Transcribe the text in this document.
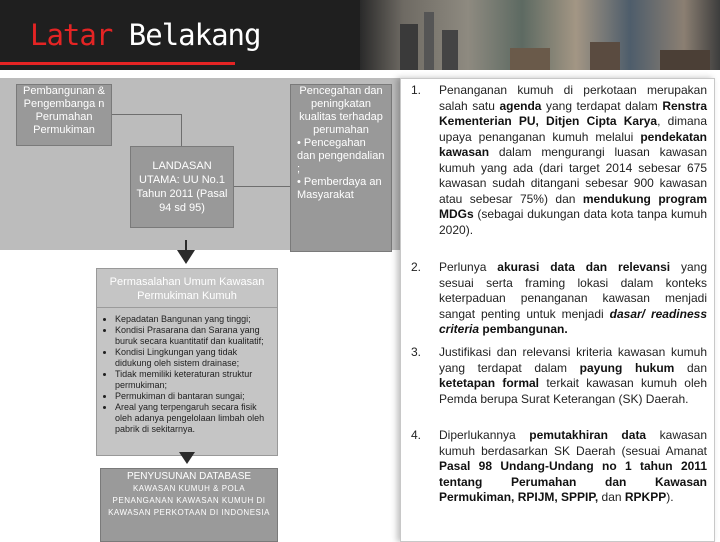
Latar Belakang
Pembangunan & Pengembanga n Perumahan Permukiman
LANDASAN UTAMA: UU No.1 Tahun 2011 (Pasal 94 sd 95)
Pencegahan dan peningkatan kualitas terhadap perumahan
• Pencegahan dan pengendalian ;
• Pemberdaya an Masyarakat
Permasalahan Umum Kawasan Permukiman Kumuh
• Kepadatan Bangunan yang tinggi;
• Kondisi Prasarana dan Sarana yang buruk secara kuantitatif dan kualitatif;
• Kondisi Lingkungan yang tidak didukung oleh sistem drainase;
• Tidak memiliki keteraturan struktur permukiman;
• Permukiman di bantaran sungai;
• Areal yang terpengaruh secara fisik oleh adanya pengelolaan limbah oleh pabrik di sekitarnya.
PENYUSUNAN DATABASE
KAWASAN KUMUH & POLA PENANGANAN KAWASAN KUMUH DI KAWASAN PERKOTAAN DI INDONESIA
1.	Penanganan kumuh di perkotaan merupakan salah satu agenda yang terdapat dalam Renstra Kementerian PU, Ditjen Cipta Karya, dimana upaya penanganan kumuh melalui pendekatan kawasan dalam mengurangi luasan kawasan kumuh yang ada (dari target 2014 sebesar 675 kawasan sudah ditangani sebesar 900 kawasan atau sebesar 75%) dan mendukung program MDGs (sebagai dukungan data kota tanpa kumuh 2020).
2.	Perlunya akurasi data dan relevansi yang sesuai serta framing lokasi dalam konteks keterpaduan penanganan kawasan menjadi sangat penting untuk menjadi dasar/ readiness criteria pembangunan.
3.	Justifikasi dan relevansi kriteria kawasan kumuh yang terdapat dalam payung hukum dan ketetapan formal terkait kawasan kumuh oleh Pemda berupa Surat Keterangan (SK) Daerah.
4.	Diperlukannya pemutakhiran data kawasan kumuh berdasarkan SK Daerah (sesuai Amanat Pasal 98 Undang-Undang no 1 tahun 2011 tentang Perumahan dan Kawasan Permukiman, RPIJM, SPPIP, dan RPKPP).
